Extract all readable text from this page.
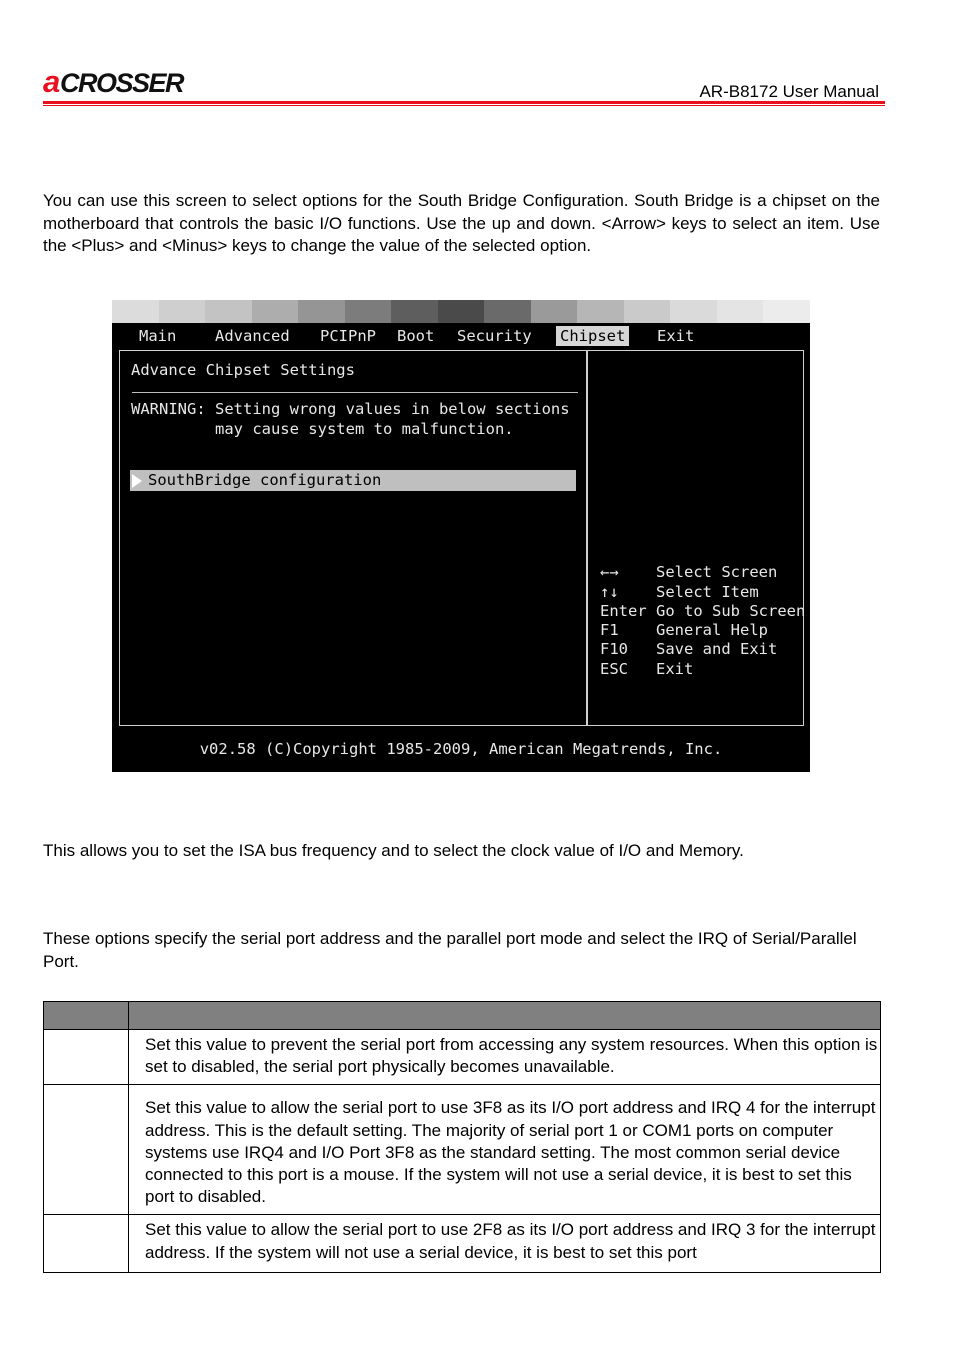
a CROSSER	AR-B8172 User Manual
You can use this screen to select options for the South Bridge Configuration. South Bridge is a chipset on the motherboard that controls the basic I/O functions. Use the up and down. <Arrow> keys to select an item. Use the <Plus> and <Minus> keys to change the value of the selected option.
Main Advanced PCIPnP Boot Security Chipset Exit
Advance Chipset Settings
WARNING: Setting wrong values in below sections
may cause system to malfunction.
SouthBridge configuration
←→ Select Screen
↑↓ Select Item
Enter Go to Sub Screen
F1 General Help
F10 Save and Exit
ESC Exit
v02.58 (C)Copyright 1985-2009, American Megatrends, Inc.
This allows you to set the ISA bus frequency and to select the clock value of I/O and Memory.
These options specify the serial port address and the parallel port mode and select the IRQ of Serial/Parallel Port.

	Set this value to prevent the serial port from accessing any system resources. When this option is set to disabled, the serial port physically becomes unavailable.
	Set this value to allow the serial port to use 3F8 as its I/O port address and IRQ 4 for the interrupt address. This is the default setting. The majority of serial port 1 or COM1 ports on computer systems use IRQ4 and I/O Port 3F8 as the standard setting. The most common serial device connected to this port is a mouse. If the system will not use a serial device, it is best to set this port to disabled.
	Set this value to allow the serial port to use 2F8 as its I/O port address and IRQ 3 for the interrupt address. If the system will not use a serial device, it is best to set this port
